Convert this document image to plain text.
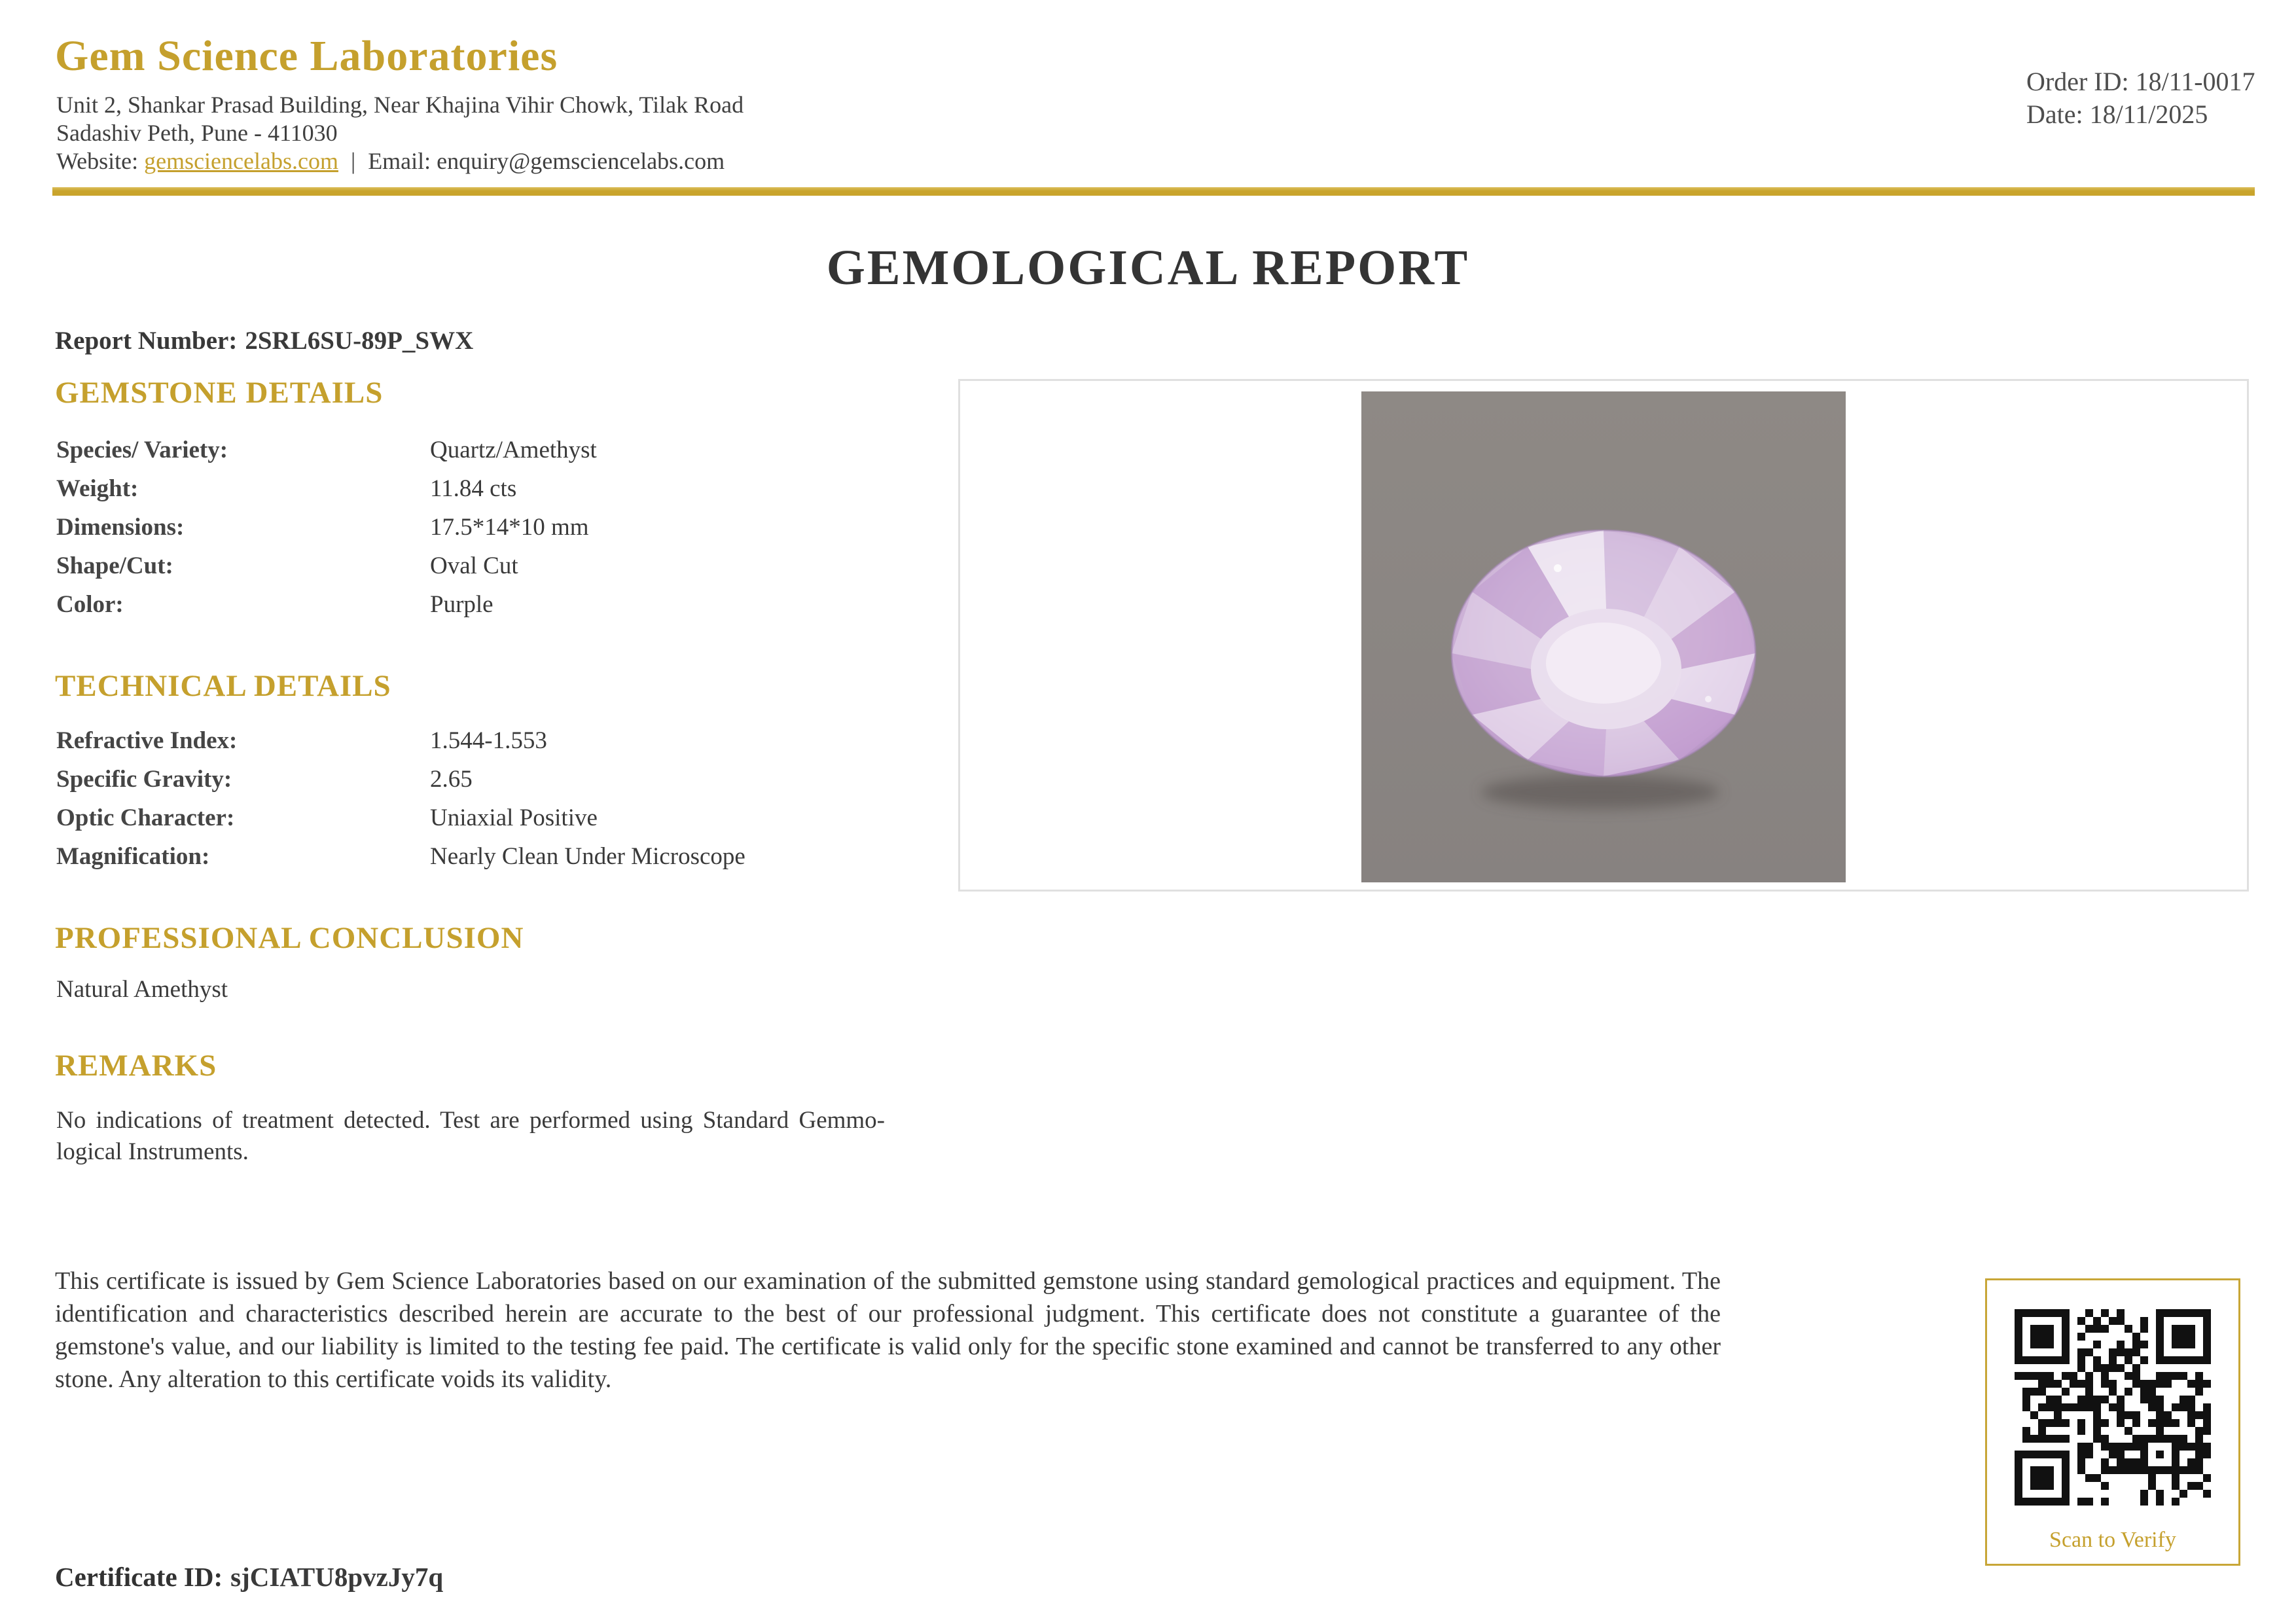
Gem Science Laboratories
Unit 2, Shankar Prasad Building, Near Khajina Vihir Chowk, Tilak Road
Sadashiv Peth, Pune - 411030
Website: gemsciencelabs.com | Email: enquiry@gemsciencelabs.com
Order ID: 18/11-0017
Date: 18/11/2025
GEMOLOGICAL REPORT
Report Number: 2SRL6SU-89P_SWX
GEMSTONE DETAILS
Species/ Variety:	Quartz/Amethyst
Weight:	11.84 cts
Dimensions:	17.5*14*10 mm
Shape/Cut:	Oval Cut
Color:	Purple
TECHNICAL DETAILS
Refractive Index:	1.544-1.553
Specific Gravity:	2.65
Optic Character:	Uniaxial Positive
Magnification:	Nearly Clean Under Microscope
PROFESSIONAL CONCLUSION
Natural Amethyst
REMARKS
No indications of treatment detected. Test are performed using Standard Gemmo-
logical Instruments.

This certificate is issued by Gem Science Laboratories based on our examination of the submitted gemstone using standard gemological practices and equipment. The identification and characteristics described herein are accurate to the best of our professional judgment. This certificate does not constitute a guarantee of the gemstone's value, and our liability is limited to the testing fee paid. The certificate is valid only for the specific stone examined and cannot be transferred to any other stone. Any alteration to this certificate voids its validity.

Certificate ID: sjCIATU8pvzJy7q
Scan to Verify
